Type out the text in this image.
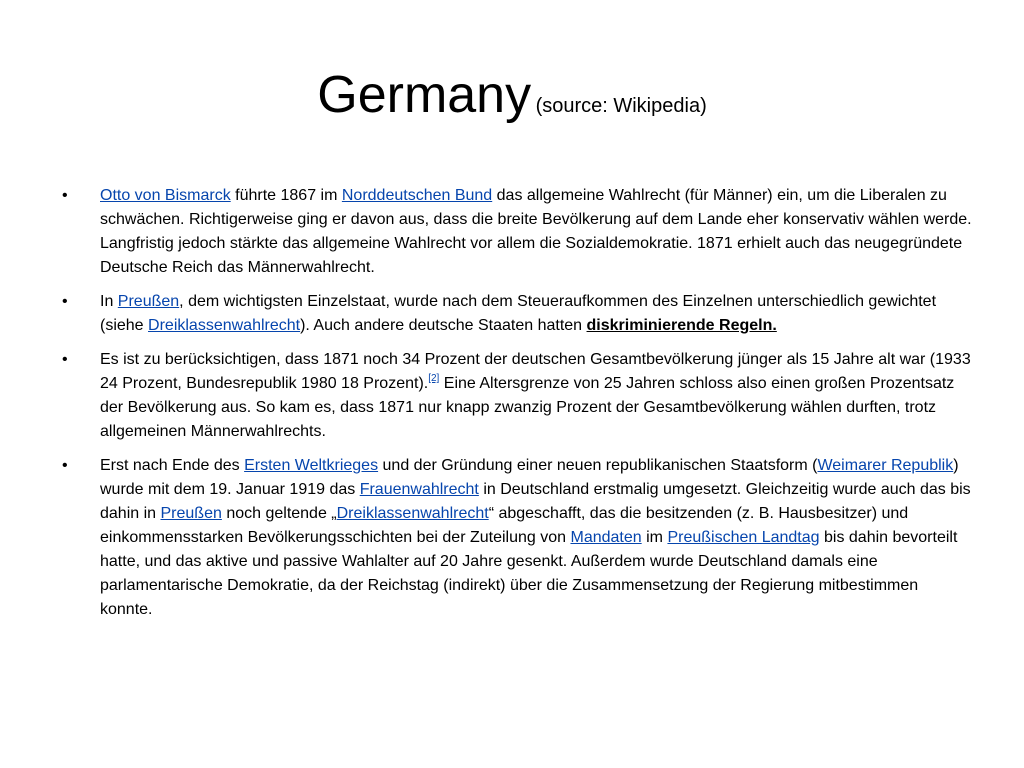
Germany (source: Wikipedia)
• Otto von Bismarck führte 1867 im Norddeutschen Bund das allgemeine Wahlrecht (für Männer) ein, um die Liberalen zu schwächen. Richtigerweise ging er davon aus, dass die breite Bevölkerung auf dem Lande eher konservativ wählen werde. Langfristig jedoch stärkte das allgemeine Wahlrecht vor allem die Sozialdemokratie. 1871 erhielt auch das neugegründete Deutsche Reich das Männerwahlrecht.
• In Preußen, dem wichtigsten Einzelstaat, wurde nach dem Steueraufkommen des Einzelnen unterschiedlich gewichtet (siehe Dreiklassenwahlrecht). Auch andere deutsche Staaten hatten diskriminierende Regeln.
• Es ist zu berücksichtigen, dass 1871 noch 34 Prozent der deutschen Gesamtbevölkerung jünger als 15 Jahre alt war (1933 24 Prozent, Bundesrepublik 1980 18 Prozent).[2] Eine Altersgrenze von 25 Jahren schloss also einen großen Prozentsatz der Bevölkerung aus. So kam es, dass 1871 nur knapp zwanzig Prozent der Gesamtbevölkerung wählen durften, trotz allgemeinen Männerwahlrechts.
• Erst nach Ende des Ersten Weltkrieges und der Gründung einer neuen republikanischen Staatsform (Weimarer Republik) wurde mit dem 19. Januar 1919 das Frauenwahlrecht in Deutschland erstmalig umgesetzt. Gleichzeitig wurde auch das bis dahin in Preußen noch geltende „Dreiklassenwahlrecht“ abgeschafft, das die besitzenden (z. B. Hausbesitzer) und einkommensstarken Bevölkerungsschichten bei der Zuteilung von Mandaten im Preußischen Landtag bis dahin bevorteilt hatte, und das aktive und passive Wahlalter auf 20 Jahre gesenkt. Außerdem wurde Deutschland damals eine parlamentarische Demokratie, da der Reichstag (indirekt) über die Zusammensetzung der Regierung mitbestimmen konnte.
